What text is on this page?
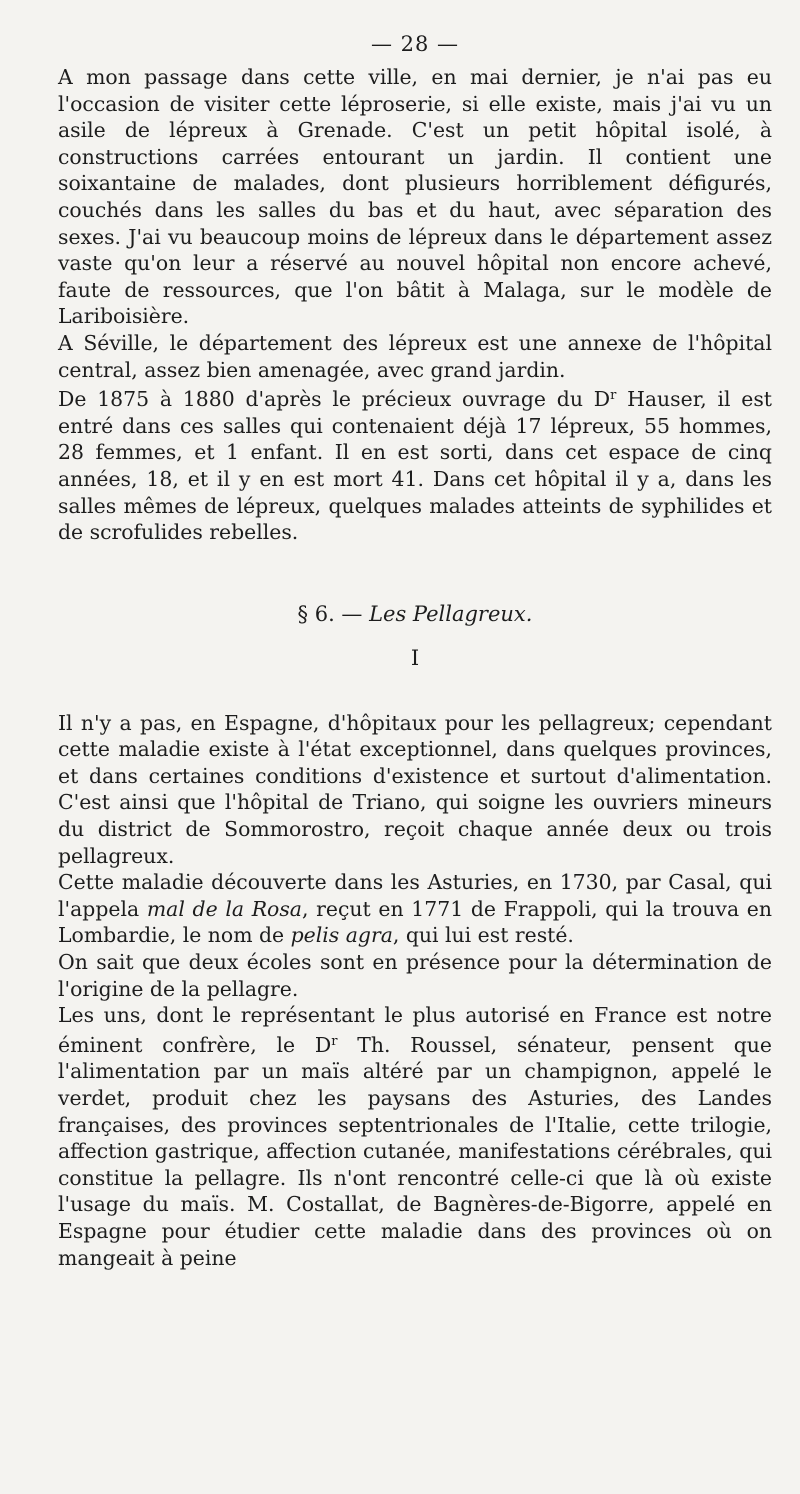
— 28 —

A mon passage dans cette ville, en mai dernier, je n'ai pas eu l'occasion de visiter cette léproserie, si elle existe, mais j'ai vu un asile de lépreux à Grenade. C'est un petit hôpital isolé, à constructions carrées entourant un jardin. Il contient une soixantaine de malades, dont plusieurs horriblement défigurés, couchés dans les salles du bas et du haut, avec séparation des sexes. J'ai vu beaucoup moins de lépreux dans le département assez vaste qu'on leur a réservé au nouvel hôpital non encore achevé, faute de ressources, que l'on bâtit à Malaga, sur le modèle de Lariboisière.

A Séville, le département des lépreux est une annexe de l'hôpital central, assez bien amenagée, avec grand jardin.

De 1875 à 1880 d'après le précieux ouvrage du $D^r$ Hauser, il est entré dans ces salles qui contenaient déjà 17 lépreux, 55 hommes, 28 femmes, et 1 enfant. Il en est sorti, dans cet espace de cinq années, 18, et il y en est mort 41. Dans cet hôpital il y a, dans les salles mêmes de lépreux, quelques malades atteints de syphilides et de scrofulides rebelles.

§ 6. — Les Pellagreux.
I

Il n'y a pas, en Espagne, d'hôpitaux pour les pellagreux; cependant cette maladie existe à l'état exceptionnel, dans quelques provinces, et dans certaines conditions d'existence et surtout d'alimentation. C'est ainsi que l'hôpital de Triano, qui soigne les ouvriers mineurs du district de Sommorostro, reçoit chaque année deux ou trois pellagreux.

Cette maladie découverte dans les Asturies, en 1730, par Casal, qui l'appela mal de la Rosa, reçut en 1771 de Frappoli, qui la trouva en Lombardie, le nom de pelis agra, qui lui est resté.

On sait que deux écoles sont en présence pour la détermination de l'origine de la pellagre.

Les uns, dont le représentant le plus autorisé en France est notre éminent confrère, le $D^r$ Th. Roussel, sénateur, pensent que l'alimentation par un maïs altéré par un champignon, appelé le verdet, produit chez les paysans des Asturies, des Landes françaises, des provinces septentrionales de l'Italie, cette trilogie, affection gastrique, affection cutanée, manifestations cérébrales, qui constitue la pellagre. Ils n'ont rencontré celle-ci que là où existe l'usage du maïs. M. Costallat, de Bagnères-de-Bigorre, appelé en Espagne pour étudier cette maladie dans des provinces où on mangeait à peine
